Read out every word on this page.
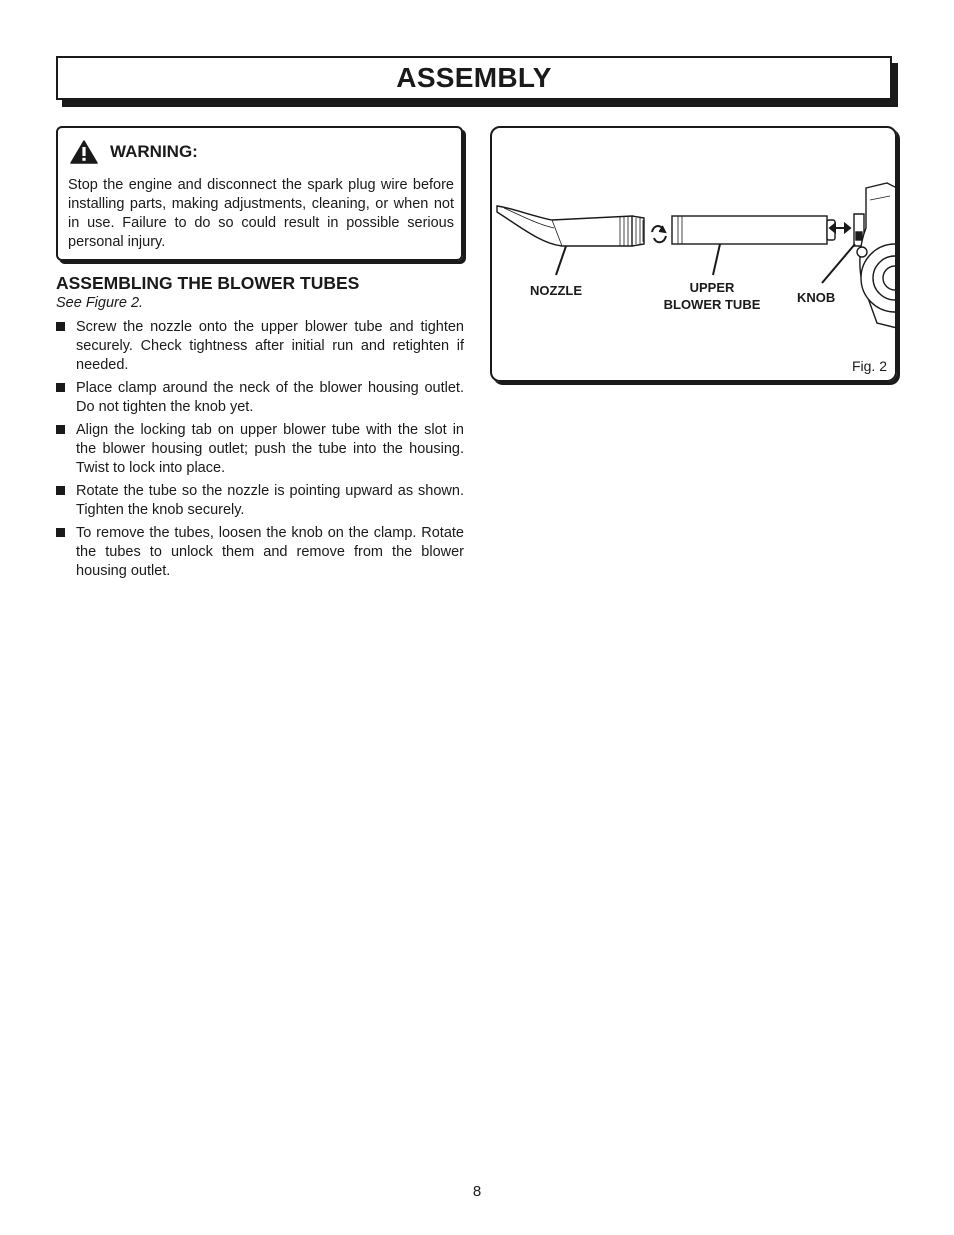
ASSEMBLY
WARNING:
Stop the engine and disconnect the spark plug wire before installing parts, making adjustments, cleaning, or when not in use. Failure to do so could result in possible serious personal injury.
ASSEMBLING THE BLOWER TUBES
See Figure 2.
Screw the nozzle onto the upper blower tube and tighten securely. Check tightness after initial run and retighten if needed.
Place clamp around the neck of the blower housing outlet. Do not tighten the knob yet.
Align the locking tab on upper blower tube with the slot in the blower housing outlet; push the tube into the housing. Twist to lock into place.
Rotate the tube so the nozzle is pointing upward as shown. Tighten the knob securely.
To remove the tubes, loosen the knob on the clamp. Rotate the tubes to unlock them and remove from the blower housing outlet.
NOZZLE	UPPER
BLOWER TUBE	KNOB
Fig. 2
8
